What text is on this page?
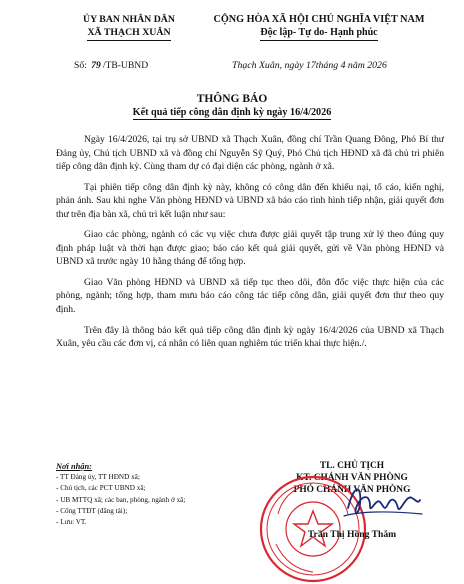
ỦY BAN NHÂN DÂN
XÃ THẠCH XUÂN
CỘNG HÒA XÃ HỘI CHỦ NGHĨA VIỆT NAM
Độc lập- Tự do- Hạnh phúc
Số: 79 /TB-UBND	Thạch Xuân, ngày 17tháng 4 năm 2026
THÔNG BÁO
Kết quả tiếp công dân định kỳ ngày 16/4/2026

Ngày 16/4/2026, tại trụ sở UBND xã Thạch Xuân, đồng chí Trần Quang Đông, Phó Bí thư Đảng ủy, Chủ tịch UBND xã và đồng chí Nguyễn Sỹ Quý, Phó Chủ tịch HĐND xã đã chủ trì phiên tiếp công dân định kỳ. Cùng tham dự có đại diện các phòng, ngành ở xã.

Tại phiên tiếp công dân định kỳ này, không có công dân đến khiếu nại, tố cáo, kiến nghị, phản ánh. Sau khi nghe Văn phòng HĐND và UBND xã báo cáo tình hình tiếp nhận, giải quyết đơn thư trên địa bàn xã, chủ trì kết luận như sau:

Giao các phòng, ngành có các vụ việc chưa được giải quyết tập trung xử lý theo đúng quy định pháp luật và thời hạn được giao; báo cáo kết quả giải quyết, gửi về Văn phòng HĐND và UBND xã trước ngày 10 hằng tháng để tổng hợp.

Giao Văn phòng HĐND và UBND xã tiếp tục theo dõi, đôn đốc việc thực hiện của các phòng, ngành; tổng hợp, tham mưu báo cáo công tác tiếp công dân, giải quyết đơn thư theo quy định.

Trên đây là thông báo kết quả tiếp công dân định kỳ ngày 16/4/2026 của UBND xã Thạch Xuân, yêu cầu các đơn vị, cá nhân có liên quan nghiêm túc triển khai thực hiện./.

Nơi nhận:
- TT Đảng ủy, TT HĐND xã;
- Chủ tịch, các PCT UBND xã;
- UB MTTQ xã; các ban, phòng, ngành ở xã;
- Cổng TTĐT (đăng tải);
- Lưu: VT.
TL. CHỦ TỊCH
KT. CHÁNH VĂN PHÒNG
PHÓ CHÁNH VĂN PHÒNG
Trần Thị Hồng Thắm
